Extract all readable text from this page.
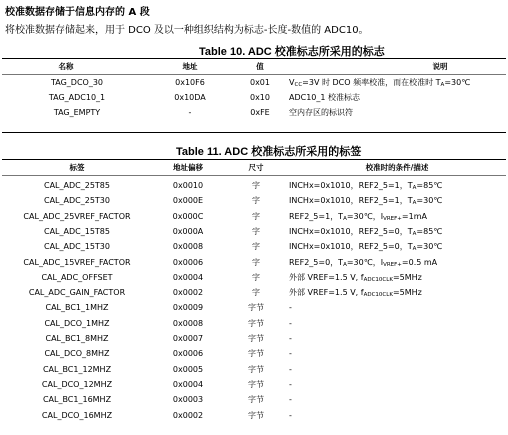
校准数据存储于信息内存的 A 段
将校准数据存储起来，用于 DCO 及以一种组织结构为标志-长度-数值的 ADC10。
Table 10. ADC 校准标志所采用的标志
名称	地址	值	说明
TAG_DCO_30	0x10F6	0x01	$V_{CC}=3V$ 时 DCO 频率校准，而在校准时 $T_A=30℃$
TAG_ADC10_1	0x10DA	0x10	ADC10_1 校准标志
TAG_EMPTY	-	0xFE	空内存区的标识符
Table 11. ADC 校准标志所采用的标签
标签	地址偏移	尺寸	校准时的条件/描述
CAL_ADC_25T85	0x0010	字	INCHx=0x1010，REF2_5=1，$T_A=85℃$
CAL_ADC_25T30	0x000E	字	INCHx=0x1010，REF2_5=1，$T_A=30℃$
CAL_ADC_25VREF_FACTOR	0x000C	字	REF2_5=1，$T_A=30℃$，$I_{VREF+}=1mA$
CAL_ADC_15T85	0x000A	字	INCHx=0x1010，REF2_5=0，$T_A=85℃$
CAL_ADC_15T30	0x0008	字	INCHx=0x1010，REF2_5=0，$T_A=30℃$
CAL_ADC_15VREF_FACTOR	0x0006	字	REF2_5=0，$T_A=30℃$，$I_{VREF+}=0.5$ mA
CAL_ADC_OFFSET	0x0004	字	外部 VREF=1.5 V, $f_{ADC10CLK}=5MHz$
CAL_ADC_GAIN_FACTOR	0x0002	字	外部 VREF=1.5 V, $f_{ADC10CLK}=5MHz$
CAL_BC1_1MHZ	0x0009	字节	-
CAL_DCO_1MHZ	0x0008	字节	-
CAL_BC1_8MHZ	0x0007	字节	-
CAL_DCO_8MHZ	0x0006	字节	-
CAL_BC1_12MHZ	0x0005	字节	-
CAL_DCO_12MHZ	0x0004	字节	-
CAL_BC1_16MHZ	0x0003	字节	-
CAL_DCO_16MHZ	0x0002	字节	-
